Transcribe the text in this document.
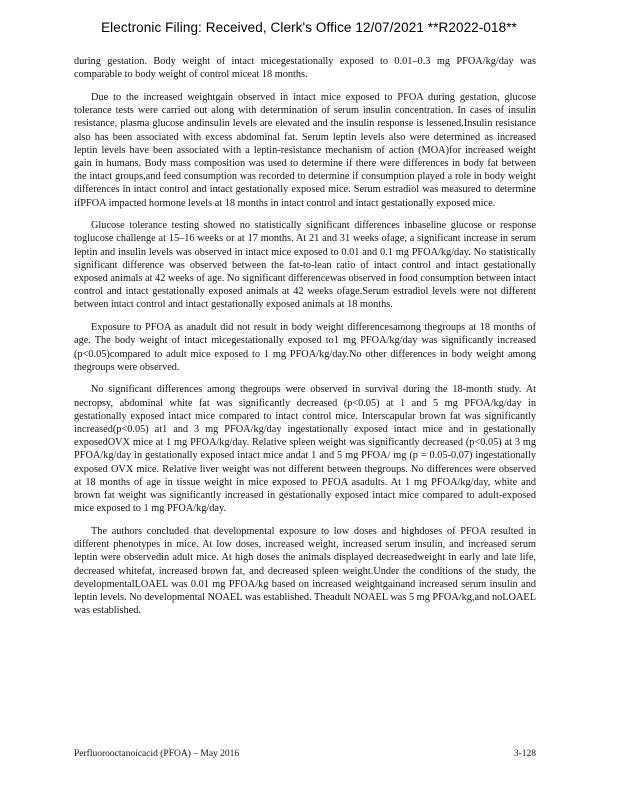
Electronic Filing: Received, Clerk's Office 12/07/2021 **R2022-018**

during gestation. Body weight of intact micegestationally exposed to 0.01–0.3 mg PFOA/kg/day was comparable to body weight of control miceat 18 months.

Due to the increased weightgain observed in intact mice exposed to PFOA during gestation, glucose tolerance tests were carried out along with determination of serum insulin concentration. In cases of insulin resistance, plasma glucose andinsulin levels are elevated and the insulin response is lessened.Insulin resistance also has been associated with excess abdominal fat. Serum leptin levels also were determined as increased leptin levels have been associated with a leptin-resistance mechanism of action (MOA)for increased weight gain in humans. Body mass composition was used to determine if there were differences in body fat between the intact groups,and feed consumption was recorded to determine if consumption played a role in body weight differences in intact control and intact gestationally exposed mice. Serum estradiol was measured to determine ifPFOA impacted hormone levels at 18 months in intact control and intact gestationally exposed mice.

Glucose tolerance testing showed no statistically significant differences inbaseline glucose or response toglucose challenge at 15–16 weeks or at 17 months. At 21 and 31 weeks ofage, a significant increase in serum leptin and insulin levels was observed in intact mice exposed to 0.01 and 0.1 mg PFOA/kg/day. No statistically significant difference was observed between the fat-to-lean ratio of intact control and intact gestationally exposed animals at 42 weeks of age. No significant differencewas observed in food consumption between intact control and intact gestationally exposed animals at 42 weeks ofage.Serum estradiol levels were not different between intact control and intact gestationally exposed animals at 18 months.

Exposure to PFOA as anadult did not result in body weight differencesamong thegroups at 18 months of age. The body weight of intact micegestationally exposed to1 mg PFOA/kg/day was significantly increased (p<0.05)compared to adult mice exposed to 1 mg PFOA/kg/day.No other differences in body weight among thegroups were observed.

No significant differences among thegroups were observed in survival during the 18-month study. At necropsy, abdominal white fat was significantly decreased (p<0.05) at 1 and 5 mg PFOA/kg/day in gestationally exposed intact mice compared to intact control mice. Interscapular brown fat was significantly increased(p<0.05) at1 and 3 mg PFOA/kg/day ingestationally exposed intact mice and in gestationally exposedOVX mice at 1 mg PFOA/kg/day. Relative spleen weight was significantly decreased (p<0.05) at 3 mg PFOA/kg/day in gestationally exposed intact mice andat 1 and 5 mg PFOA/ mg (p = 0.05-0.07) ingestationally exposed OVX mice. Relative liver weight was not different between thegroups. No differences were observed at 18 months of age in tissue weight in mice exposed to PFOA asadults. At 1 mg PFOA/kg/day, white and brown fat weight was significantly increased in gestationally exposed intact mice compared to adult-exposed mice exposed to 1 mg PFOA/kg/day.

The authors concluded that developmental exposure to low doses and highdoses of PFOA resulted in different phenotypes in mice. At low doses, increased weight, increased serum insulin, and increased serum leptin were observedin adult mice. At high doses the animals displayed decreasedweight in early and late life, decreased whitefat, increased brown fat, and decreased spleen weight.Under the conditions of the study, the developmentalLOAEL was 0.01 mg PFOA/kg based on increased weightgainand increased serum insulin and leptin levels. No developmental NOAEL was established. Theadult NOAEL was 5 mg PFOA/kg,and noLOAEL was established.

Perfluorooctanoicacid (PFOA) – May 2016	3-128
